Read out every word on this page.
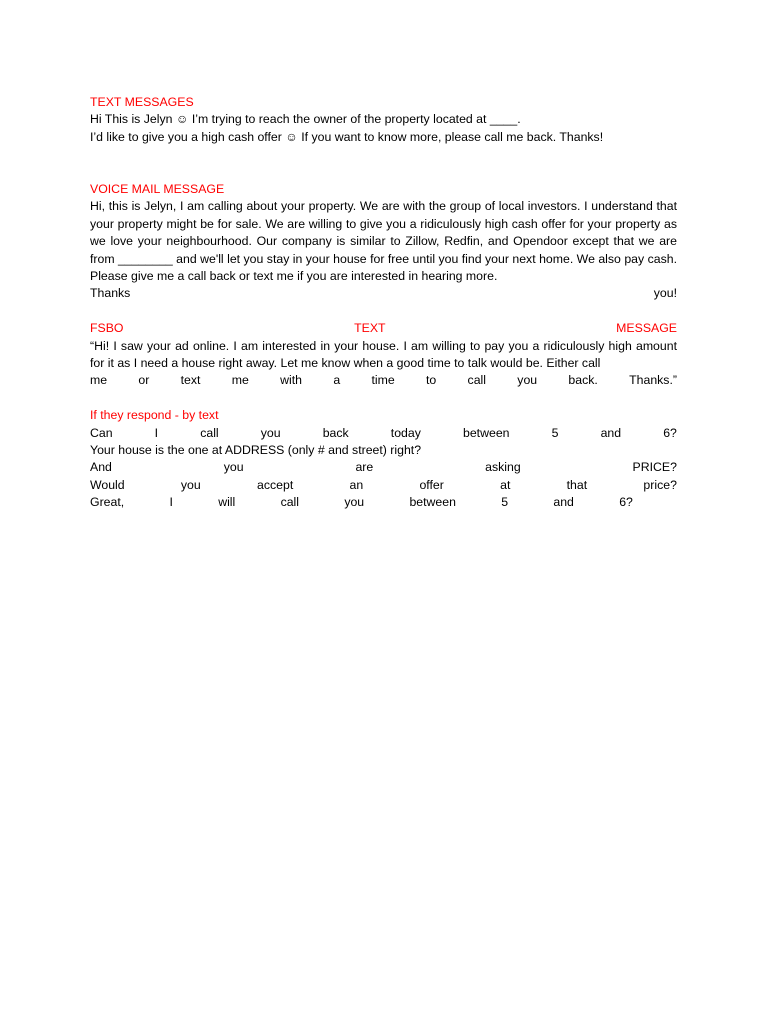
TEXT MESSAGES
Hi This is Jelyn ☺ I’m trying to reach the owner of the property located at ____.
I’d like to give you a high cash offer ☺ If you want to know more, please call me back. Thanks!
VOICE MAIL MESSAGE
Hi, this is Jelyn, I am calling about your property. We are with the group of local investors. I understand that your property might be for sale. We are willing to give you a ridiculously high cash offer for your property as we love your neighbourhood. Our company is similar to Zillow, Redfin, and Opendoor except that we are from ________ and we'll let you stay in your house for free until you find your next home. We also pay cash. Please give me a call back or text me if you are interested in hearing more.
Thanks	you!
FSBO	TEXT	MESSAGE
“Hi! I saw your ad online. I am interested in your house. I am willing to pay you a ridiculously high amount for it as I need a house right away. Let me know when a good time to talk would be. Either call
me	or	text	me	with	a	time	to	call	you	back.	Thanks.”
If they respond - by text
Can	I	call	you	back	today	between	5	and	6?
Your house is the one at ADDRESS (only # and street) right?
And	you	are	asking	PRICE?
Would	you	accept	an	offer	at	that	price?
Great,	I	will	call	you	between	5	and	6?
